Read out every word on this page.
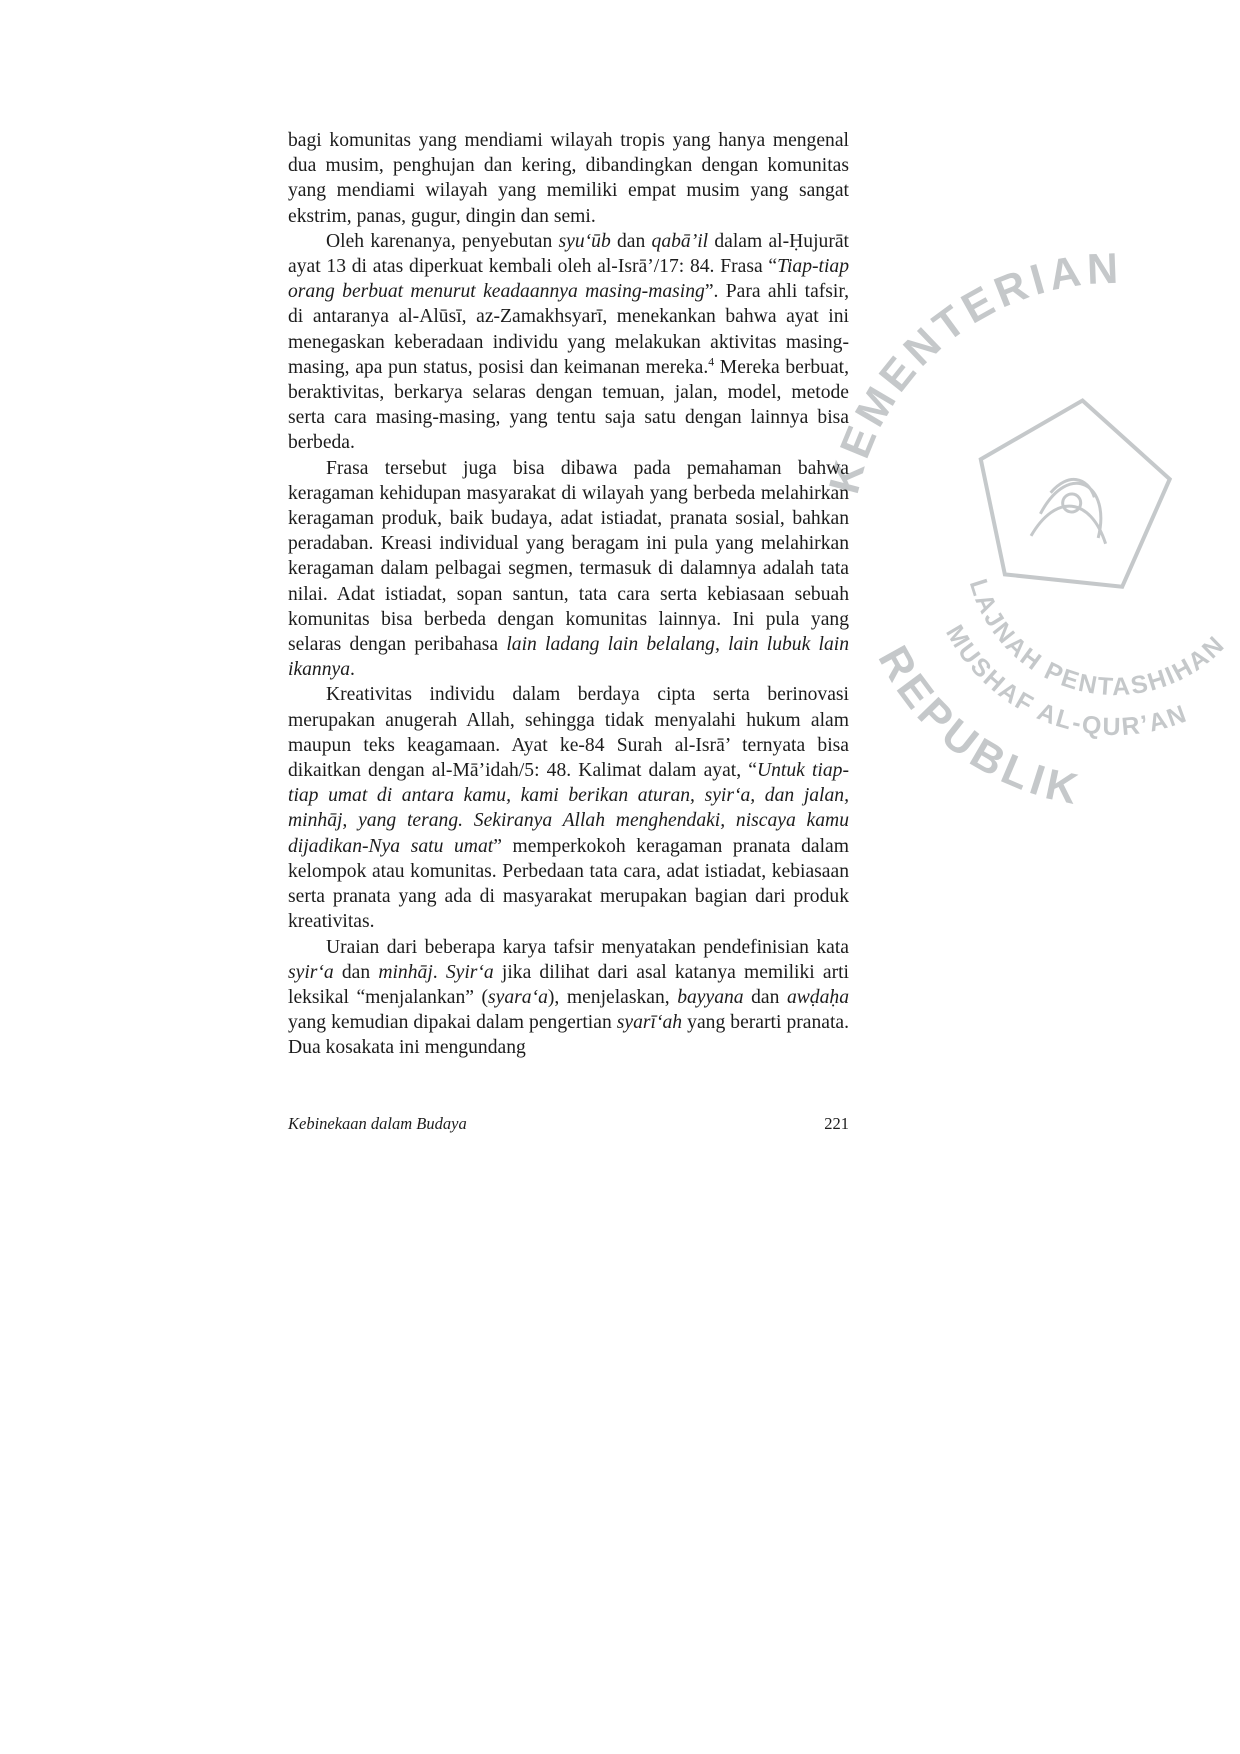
KEMENTERIAN
REPUBLIK
LAJNAH PENTASHIHAN
MUSHAF AL-QUR’AN

bagi komunitas yang mendiami wilayah tropis yang hanya mengenal dua musim, penghujan dan kering, dibandingkan dengan komunitas yang mendiami wilayah yang memiliki empat musim yang sangat ekstrim, panas, gugur, dingin dan semi.

Oleh karenanya, penyebutan syu‘ūb dan qabā’il dalam al-Ḥujurāt ayat 13 di atas diperkuat kembali oleh al-Isrā’/17: 84. Frasa “Tiap-tiap orang berbuat menurut keadaannya masing-masing”. Para ahli tafsir, di antaranya al-Alūsī, az-Zamakhsyarī, menekankan bahwa ayat ini menegaskan keberadaan individu yang melakukan aktivitas masing-masing, apa pun status, posisi dan keimanan mereka.$^4$ Mereka berbuat, beraktivitas, berkarya selaras dengan temuan, jalan, model, metode serta cara masing-masing, yang tentu saja satu dengan lainnya bisa berbeda.

Frasa tersebut juga bisa dibawa pada pemahaman bahwa keragaman kehidupan masyarakat di wilayah yang berbeda melahirkan keragaman produk, baik budaya, adat istiadat, pranata sosial, bahkan peradaban. Kreasi individual yang beragam ini pula yang melahirkan keragaman dalam pelbagai segmen, termasuk di dalamnya adalah tata nilai. Adat istiadat, sopan santun, tata cara serta kebiasaan sebuah komunitas bisa berbeda dengan komunitas lainnya. Ini pula yang selaras dengan peribahasa lain ladang lain belalang, lain lubuk lain ikannya.

Kreativitas individu dalam berdaya cipta serta berinovasi merupakan anugerah Allah, sehingga tidak menyalahi hukum alam maupun teks keagamaan. Ayat ke-84 Surah al-Isrā’ ternyata bisa dikaitkan dengan al-Mā’idah/5: 48. Kalimat dalam ayat, “Untuk tiap-tiap umat di antara kamu, kami berikan aturan, syir‘a, dan jalan, minhāj, yang terang. Sekiranya Allah menghendaki, niscaya kamu dijadikan-Nya satu umat” memperkokoh keragaman pranata dalam kelompok atau komunitas. Perbedaan tata cara, adat istiadat, kebiasaan serta pranata yang ada di masyarakat merupakan bagian dari produk kreativitas.

Uraian dari beberapa karya tafsir menyatakan pendefinisian kata syir‘a dan minhāj. Syir‘a jika dilihat dari asal katanya memiliki arti leksikal “menjalankan” (syara‘a), menjelaskan, bayyana dan awḍaḥa yang kemudian dipakai dalam pengertian syarī‘ah yang berarti pranata. Dua kosakata ini mengundang

Kebinekaan dalam Budaya	221
